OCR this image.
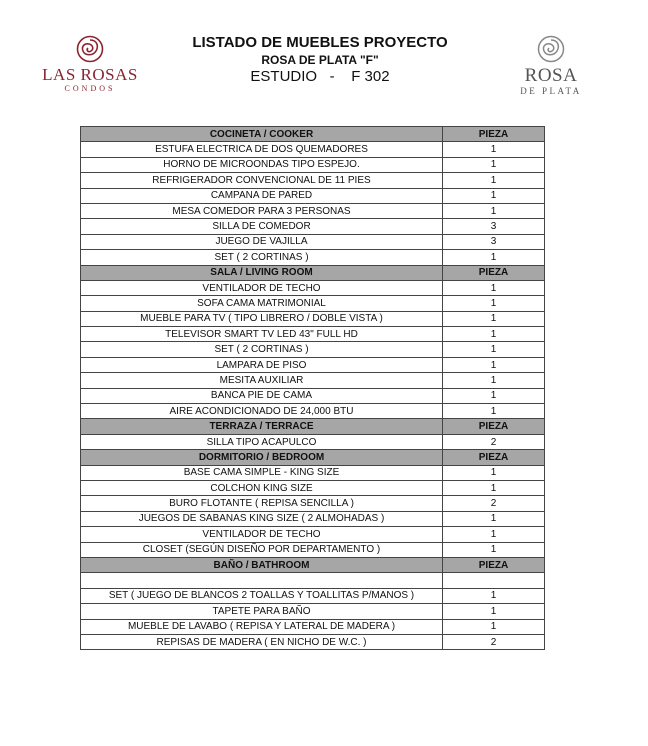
LAS ROSAS
CONDOS
LISTADO DE MUEBLES PROYECTO
ROSA DE PLATA "F"
ESTUDIO   -    F 302	ROSA
DE PLATA
COCINETA / COOKER	PIEZA
ESTUFA ELECTRICA DE DOS QUEMADORES	1
HORNO DE MICROONDAS TIPO ESPEJO.	1
REFRIGERADOR CONVENCIONAL DE 11 PIES	1
CAMPANA DE PARED	1
MESA COMEDOR PARA 3 PERSONAS	1
SILLA DE COMEDOR	3
JUEGO DE VAJILLA	3
SET ( 2 CORTINAS )	1
SALA / LIVING ROOM	PIEZA
VENTILADOR DE TECHO	1
SOFA CAMA MATRIMONIAL	1
MUEBLE PARA TV ( TIPO LIBRERO / DOBLE VISTA )	1
TELEVISOR SMART TV LED 43" FULL HD	1
SET ( 2 CORTINAS )	1
LAMPARA DE PISO	1
MESITA AUXILIAR	1
BANCA PIE DE CAMA	1
AIRE ACONDICIONADO DE 24,000 BTU	1
TERRAZA / TERRACE	PIEZA
SILLA TIPO ACAPULCO	2
DORMITORIO / BEDROOM	PIEZA
BASE CAMA SIMPLE - KING SIZE	1
COLCHON KING SIZE	1
BURO FLOTANTE ( REPISA SENCILLA )	2
JUEGOS DE SABANAS KING SIZE ( 2 ALMOHADAS )	1
VENTILADOR DE TECHO	1
CLOSET (SEGÚN DISEÑO POR DEPARTAMENTO )	1
BAÑO / BATHROOM	PIEZA

SET ( JUEGO DE BLANCOS 2 TOALLAS Y TOALLITAS P/MANOS )	1
TAPETE PARA BAÑO	1
MUEBLE DE LAVABO ( REPISA Y LATERAL DE MADERA )	1
REPISAS DE MADERA ( EN NICHO DE W.C. )	2
